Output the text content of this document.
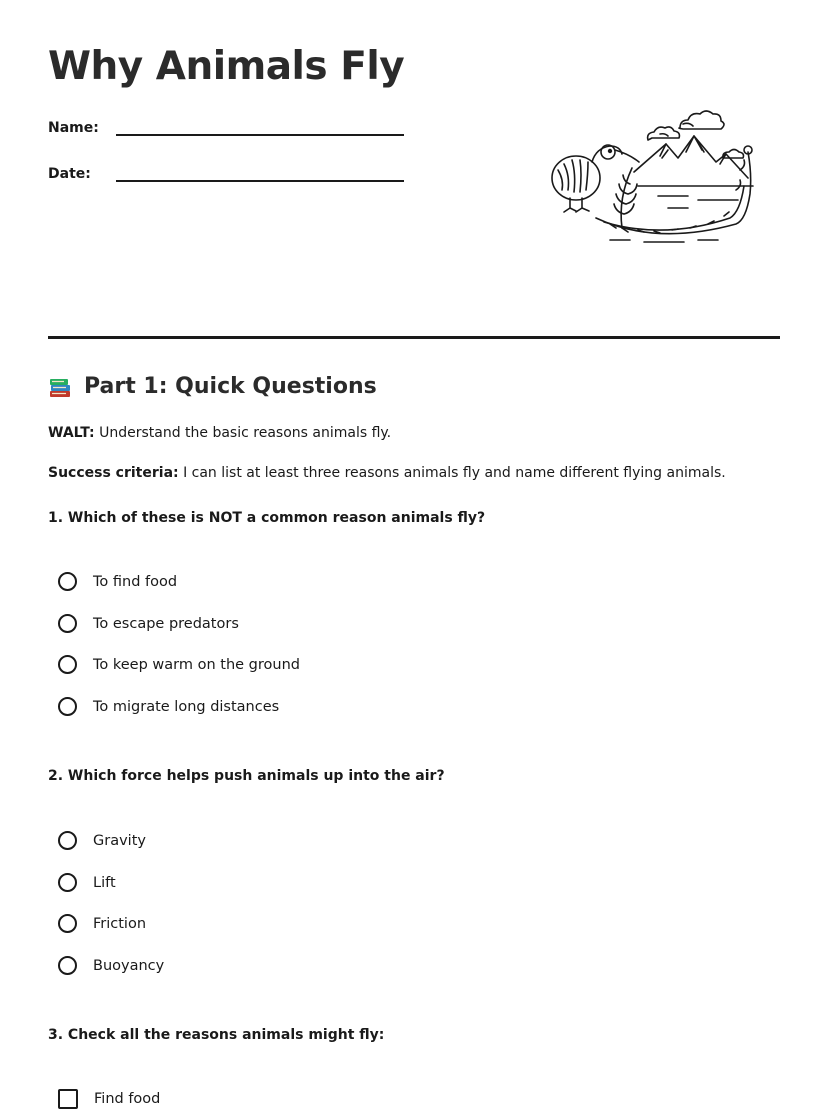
Why Animals Fly
Name:
Date:
Part 1: Quick Questions
WALT: Understand the basic reasons animals fly.
Success criteria: I can list at least three reasons animals fly and name different flying animals.
1. Which of these is NOT a common reason animals fly?
To find food
To escape predators
To keep warm on the ground
To migrate long distances
2. Which force helps push animals up into the air?
Gravity
Lift
Friction
Buoyancy
3. Check all the reasons animals might fly:
Find food
